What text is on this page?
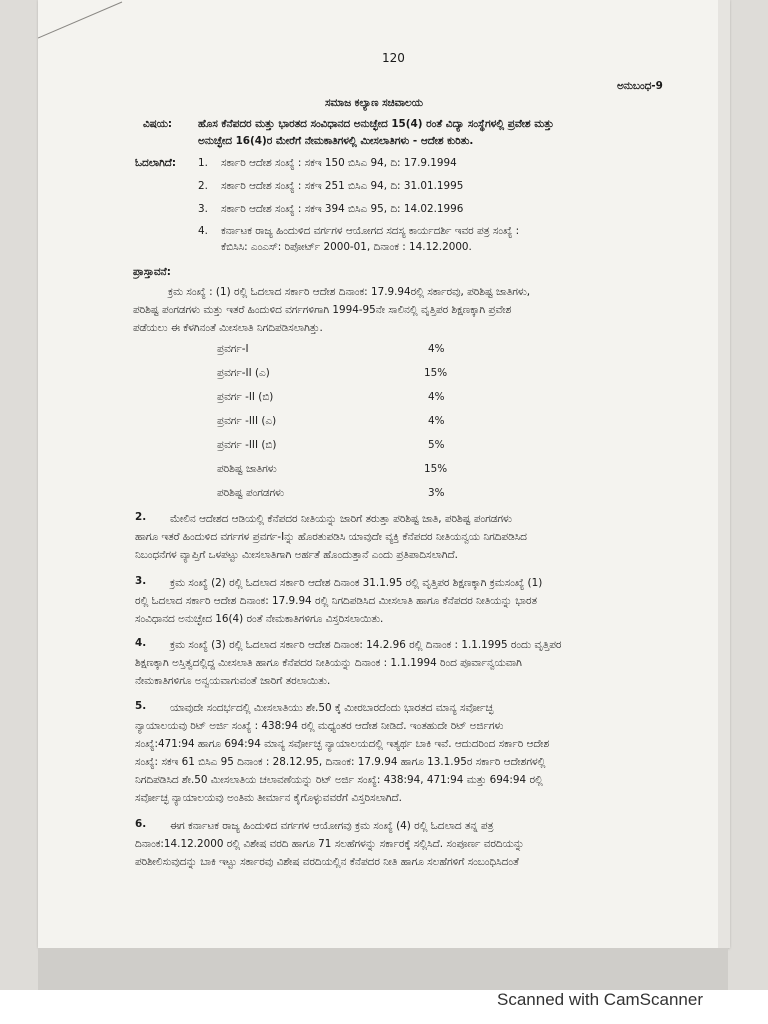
120
ಅನುಬಂಧ-9
ಸಮಾಜ ಕಲ್ಯಾಣ ಸಚಿವಾಲಯ
ವಿಷಯ: ಹೊಸ ಕೆನೆಪದರ ಮತ್ತು ಭಾರತದ ಸಂವಿಧಾನದ ಅನುಚ್ಛೇದ 15(4) ರಂತೆ ವಿದ್ಯಾ ಸಂಸ್ಥೆಗಳಲ್ಲಿ ಪ್ರವೇಶ ಮತ್ತು
ಅನುಚ್ಛೇದ 16(4)ರ ಮೇರೆಗೆ ನೇಮಕಾತಿಗಳಲ್ಲಿ ಮೀಸಲಾತಿಗಳು - ಆದೇಶ ಕುರಿತು.
ಓದಲಾಗಿದೆ: 1. ಸರ್ಕಾರಿ ಆದೇಶ ಸಂಖ್ಯೆ : ಸಕಇ 150 ಬಿಸಿಎ 94, ದಿ: 17.9.1994
2. ಸರ್ಕಾರಿ ಆದೇಶ ಸಂಖ್ಯೆ : ಸಕಇ 251 ಬಿಸಿಎ 94, ದಿ: 31.01.1995
3. ಸರ್ಕಾರಿ ಆದೇಶ ಸಂಖ್ಯೆ : ಸಕಇ 394 ಬಿಸಿಎ 95, ದಿ: 14.02.1996
4. ಕರ್ನಾಟಕ ರಾಜ್ಯ ಹಿಂದುಳಿದ ವರ್ಗಗಳ ಆಯೋಗದ ಸದಸ್ಯ ಕಾರ್ಯದರ್ಶಿ ಇವರ ಪತ್ರ ಸಂಖ್ಯೆ :
ಕೆಬಿಸಿಸಿ: ಎಂಎಸ್: ರಿಪೋರ್ಟ್ 2000-01, ದಿನಾಂಕ : 14.12.2000.
ಪ್ರಾಸ್ತಾವನೆ:
ಕ್ರಮ ಸಂಖ್ಯೆ : (1) ರಲ್ಲಿ ಓದಲಾದ ಸರ್ಕಾರಿ ಆದೇಶ ದಿನಾಂಕ: 17.9.94ರಲ್ಲಿ ಸರ್ಕಾರವು, ಪರಿಶಿಷ್ಟ ಜಾತಿಗಳು,
ಪರಿಶಿಷ್ಟ ಪಂಗಡಗಳು ಮತ್ತು ಇತರೆ ಹಿಂದುಳಿದ ವರ್ಗಗಳಿಗಾಗಿ 1994-95ನೇ ಸಾಲಿನಲ್ಲಿ ವೃತ್ತಿಪರ ಶಿಕ್ಷಣಕ್ಕಾಗಿ ಪ್ರವೇಶ
ಪಡೆಯಲು ಈ ಕೆಳಗಿನಂತೆ ಮೀಸಲಾತಿ ನಿಗದಿಪಡಿಸಲಾಗಿತ್ತು.
ಪ್ರವರ್ಗ-I	4%
ಪ್ರವರ್ಗ-II (ಎ)	15%
ಪ್ರವರ್ಗ -II (ಬಿ)	4%
ಪ್ರವರ್ಗ -III (ಎ)	4%
ಪ್ರವರ್ಗ -III (ಬಿ)	5%
ಪರಿಶಿಷ್ಟ ಜಾತಿಗಳು	15%
ಪರಿಶಿಷ್ಟ ಪಂಗಡಗಳು	3%
2.	ಮೇಲಿನ ಆದೇಶದ ಆಡಿಯಲ್ಲಿ ಕೆನೆಪದರ ನೀತಿಯನ್ನು ಜಾರಿಗೆ ತರುತ್ತಾ ಪರಿಶಿಷ್ಟ ಜಾತಿ, ಪರಿಶಿಷ್ಟ ಪಂಗಡಗಳು
ಹಾಗೂ ಇತರೆ ಹಿಂದುಳಿದ ವರ್ಗಗಳ ಪ್ರವರ್ಗ-Iನ್ನು ಹೊರತುಪಡಿಸಿ ಯಾವುದೇ ವ್ಯಕ್ತಿ ಕೆನೆಪದರ ನೀತಿಯನ್ವಯ ನಿಗದಿಪಡಿಸಿದ
ನಿಬಂಧನೆಗಳ ವ್ಯಾಪ್ತಿಗೆ ಒಳಪಟ್ಟು ಮೀಸಲಾತಿಗಾಗಿ ಅರ್ಹತೆ ಹೊಂದುತ್ತಾನೆ ಎಂದು ಪ್ರತಿಪಾದಿಸಲಾಗಿದೆ.
3.	ಕ್ರಮ ಸಂಖ್ಯೆ (2) ರಲ್ಲಿ ಓದಲಾದ ಸರ್ಕಾರಿ ಆದೇಶ ದಿನಾಂಕ 31.1.95 ರಲ್ಲಿ ವೃತ್ತಿಪರ ಶಿಕ್ಷಣಕ್ಕಾಗಿ ಕ್ರಮಸಂಖ್ಯೆ (1)
ರಲ್ಲಿ ಓದಲಾದ ಸರ್ಕಾರಿ ಆದೇಶ ದಿನಾಂಕ: 17.9.94 ರಲ್ಲಿ ನಿಗದಿಪಡಿಸಿದ ಮೀಸಲಾತಿ ಹಾಗೂ ಕೆನೆಪದರ ನೀತಿಯನ್ನು ಭಾರತ
ಸಂವಿಧಾನದ ಅನುಚ್ಛೇದ 16(4) ರಂತೆ ನೇಮಕಾತಿಗಳಿಗೂ ವಿಸ್ತರಿಸಲಾಯಿತು.
4.	ಕ್ರಮ ಸಂಖ್ಯೆ (3) ರಲ್ಲಿ ಓದಲಾದ ಸರ್ಕಾರಿ ಆದೇಶ ದಿನಾಂಕ: 14.2.96 ರಲ್ಲಿ ದಿನಾಂಕ : 1.1.1995 ರಂದು ವೃತ್ತಿಪರ
ಶಿಕ್ಷಣಕ್ಕಾಗಿ ಅಸ್ತಿತ್ವದಲ್ಲಿದ್ದ ಮೀಸಲಾತಿ ಹಾಗೂ ಕೆನೆಪದರ ನೀತಿಯನ್ನು ದಿನಾಂಕ : 1.1.1994 ರಿಂದ ಪೂರ್ವಾನ್ವಯವಾಗಿ
ನೇಮಕಾತಿಗಳಿಗೂ ಅನ್ವಯವಾಗುವಂತೆ ಜಾರಿಗೆ ತರಲಾಯಿತು.
5.	ಯಾವುದೇ ಸಂದರ್ಭದಲ್ಲಿ ಮೀಸಲಾತಿಯು ಶೇ.50 ಕ್ಕೆ ಮೀರಬಾರದೆಂದು ಭಾರತದ ಮಾನ್ಯ ಸರ್ವೋಚ್ಛ
ನ್ಯಾಯಾಲಯವು ರಿಟ್ ಅರ್ಜಿ ಸಂಖ್ಯೆ : 438:94 ರಲ್ಲಿ ಮಧ್ಯಂತರ ಆದೇಶ ನೀಡಿದೆ. ಇಂತಹುದೇ ರಿಟ್ ಅರ್ಜಿಗಳು
ಸಂಖ್ಯೆ:471:94 ಹಾಗೂ 694:94 ಮಾನ್ಯ ಸರ್ವೋಚ್ಛ ನ್ಯಾಯಾಲಯದಲ್ಲಿ ಇತ್ಯರ್ಥ ಬಾಕಿ ಇವೆ. ಆದುದರಿಂದ ಸರ್ಕಾರಿ ಆದೇಶ
ಸಂಖ್ಯೆ: ಸಕಇ 61 ಬಿಸಿಎ 95 ದಿನಾಂಕ : 28.12.95, ದಿನಾಂಕ: 17.9.94 ಹಾಗೂ 13.1.95ರ ಸರ್ಕಾರಿ ಆದೇಶಗಳಲ್ಲಿ
ನಿಗದಿಪಡಿಸಿದ ಶೇ.50 ಮೀಸಲಾತಿಯ ಚಲಾವಣೆಯನ್ನು ರಿಟ್ ಅರ್ಜಿ ಸಂಖ್ಯೆ: 438:94, 471:94 ಮತ್ತು 694:94 ರಲ್ಲಿ
ಸರ್ವೋಚ್ಛ ನ್ಯಾಯಾಲಯವು ಅಂತಿಮ ತೀರ್ಮಾನ ಕೈಗೊಳ್ಳುವವರೆಗೆ ವಿಸ್ತರಿಸಲಾಗಿದೆ.
6.	ಈಗ ಕರ್ನಾಟಕ ರಾಜ್ಯ ಹಿಂದುಳಿದ ವರ್ಗಗಳ ಆಯೋಗವು ಕ್ರಮ ಸಂಖ್ಯೆ (4) ರಲ್ಲಿ ಓದಲಾದ ತನ್ನ ಪತ್ರ
ದಿನಾಂಕ:14.12.2000 ರಲ್ಲಿ ವಿಶೇಷ ವರದಿ ಹಾಗೂ 71 ಸಲಹೆಗಳನ್ನು ಸರ್ಕಾರಕ್ಕೆ ಸಲ್ಲಿಸಿದೆ. ಸಂಪೂರ್ಣ ವರದಿಯನ್ನು
ಪರಿಶೀಲಿಸುವುದನ್ನು ಬಾಕಿ ಇಟ್ಟು ಸರ್ಕಾರವು ವಿಶೇಷ ವರದಿಯಲ್ಲಿನ ಕೆನೆಪದರ ನೀತಿ ಹಾಗೂ ಸಲಹೆಗಳಿಗೆ ಸಂಬಂಧಿಸಿದಂತೆ
Scanned with CamScanner
